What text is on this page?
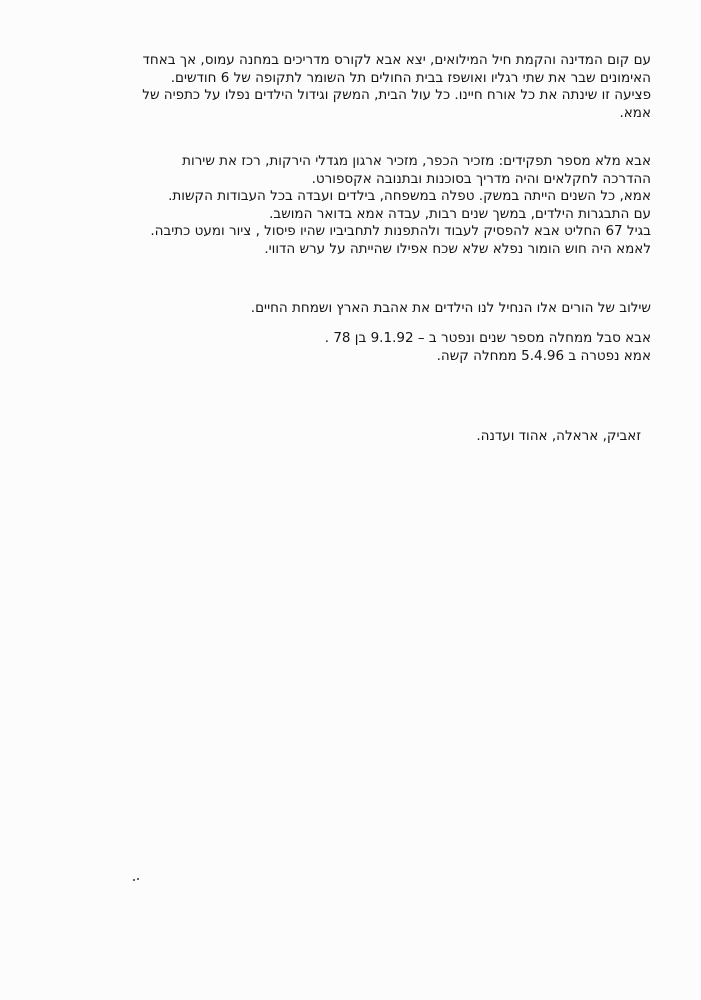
עם קום המדינה והקמת חיל המילואים, יצא אבא לקורס מדריכים במחנה עמוס, אך באחד
האימונים שבר את שתי רגליו ואושפז בבית החולים תל השומר לתקופה של 6 חודשים.
פציעה זו שינתה את כל אורח חיינו. כל עול הבית, המשק וגידול הילדים נפלו על כתפיה של
אמא.
אבא מלא מספר תפקידים: מזכיר הכפר, מזכיר ארגון מגדלי הירקות, רכז את שירות
ההדרכה לחקלאים והיה מדריך בסוכנות ובתנובה אקספורט.
אמא, כל השנים הייתה במשק. טפלה במשפחה, בילדים ועבדה בכל העבודות הקשות.
עם התבגרות הילדים, במשך שנים רבות, עבדה אמא בדואר המושב.
בגיל 67 החליט אבא להפסיק לעבוד ולהתפנות לתחביביו שהיו פיסול , ציור ומעט כתיבה.
לאמא היה חוש הומור נפלא שלא שכח אפילו שהייתה על ערש הדווי.
שילוב של הורים אלו הנחיל לנו הילדים את אהבת הארץ ושמחת החיים.
אבא סבל ממחלה מספר שנים ונפטר ב – 9.1.92 בן 78 .
אמא נפטרה ב 5.4.96 ממחלה קשה.

זאביק, אראלה, אהוד ועדנה.
